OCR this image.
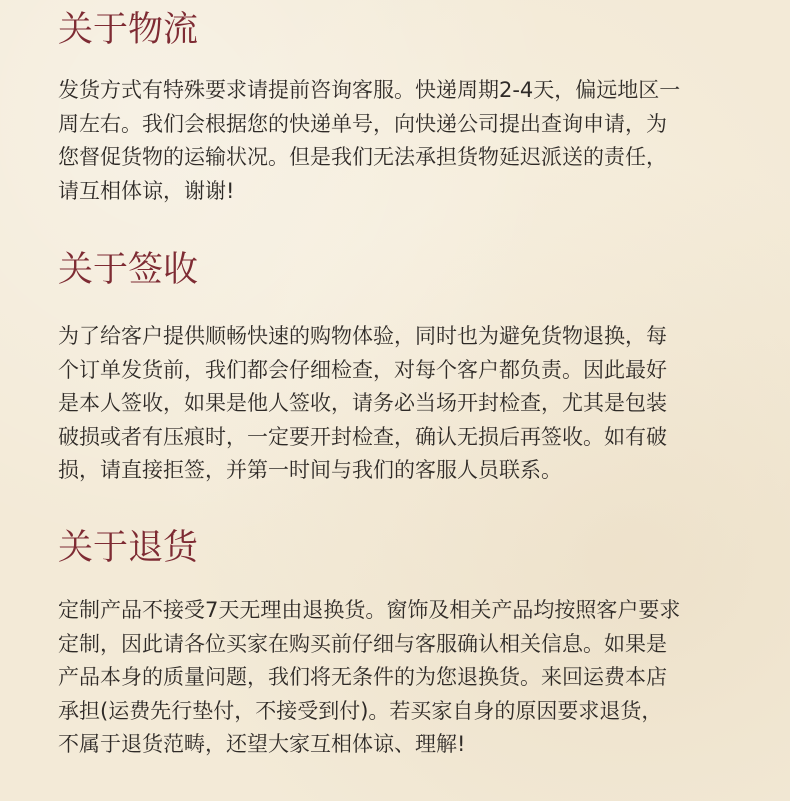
关于物流

发货方式有特殊要求请提前咨询客服。快递周期2-4天，偏远地区一
周左右。我们会根据您的快递单号，向快递公司提出查询申请，为
您督促货物的运输状况。但是我们无法承担货物延迟派送的责任，
请互相体谅，谢谢!

关于签收

为了给客户提供顺畅快速的购物体验，同时也为避免货物退换，每
个订单发货前，我们都会仔细检查，对每个客户都负责。因此最好
是本人签收，如果是他人签收，请务必当场开封检查，尤其是包装
破损或者有压痕时，一定要开封检查，确认无损后再签收。如有破
损，请直接拒签，并第一时间与我们的客服人员联系。

关于退货

定制产品不接受7天无理由退换货。窗饰及相关产品均按照客户要求
定制，因此请各位买家在购买前仔细与客服确认相关信息。如果是
产品本身的质量问题，我们将无条件的为您退换货。来回运费本店
承担(运费先行垫付，不接受到付)。若买家自身的原因要求退货，
不属于退货范畴，还望大家互相体谅、理解!
